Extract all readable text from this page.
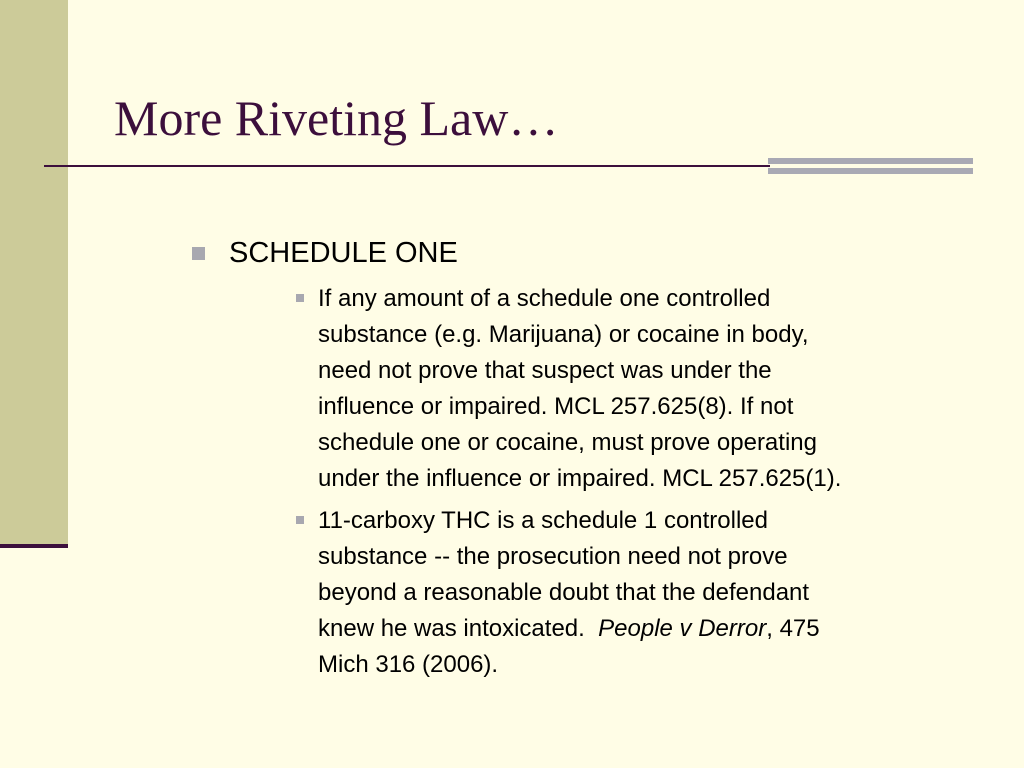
More Riveting Law…
SCHEDULE ONE
If any amount of a schedule one controlled
substance (e.g. Marijuana) or cocaine in body,
need not prove that suspect was under the
influence or impaired. MCL 257.625(8). If not
schedule one or cocaine, must prove operating
under the influence or impaired. MCL 257.625(1).
11-carboxy THC is a schedule 1 controlled
substance -- the prosecution need not prove
beyond a reasonable doubt that the defendant
knew he was intoxicated.  People v Derror, 475
Mich 316 (2006).
